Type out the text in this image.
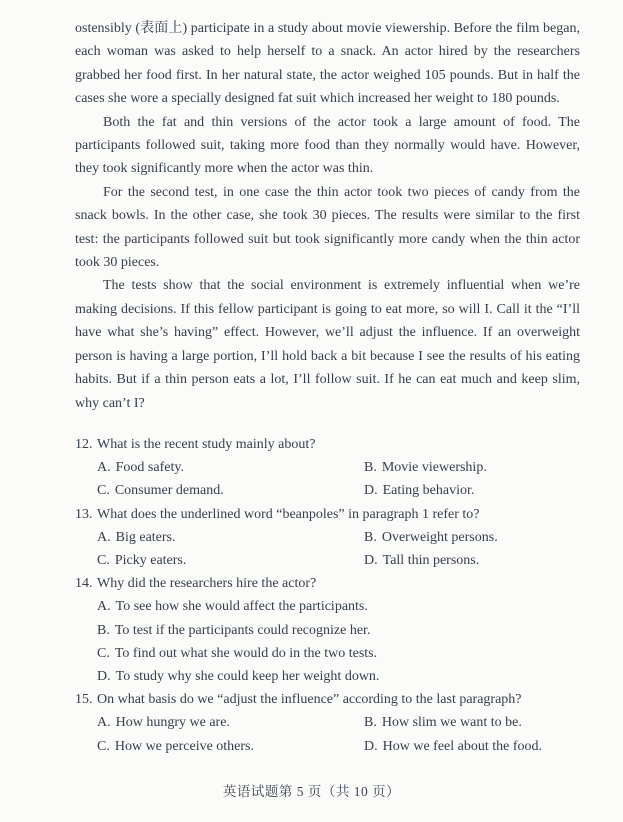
ostensibly (表面上) participate in a study about movie viewership. Before the film began, each woman was asked to help herself to a snack. An actor hired by the researchers grabbed her food first. In her natural state, the actor weighed 105 pounds. But in half the cases she wore a specially designed fat suit which increased her weight to 180 pounds.

Both the fat and thin versions of the actor took a large amount of food. The participants followed suit, taking more food than they normally would have. However, they took significantly more when the actor was thin.

For the second test, in one case the thin actor took two pieces of candy from the snack bowls. In the other case, she took 30 pieces. The results were similar to the first test: the participants followed suit but took significantly more candy when the thin actor took 30 pieces.

The tests show that the social environment is extremely influential when we’re making decisions. If this fellow participant is going to eat more, so will I. Call it the “I’ll have what she’s having” effect. However, we’ll adjust the influence. If an overweight person is having a large portion, I’ll hold back a bit because I see the results of his eating habits. But if a thin person eats a lot, I’ll follow suit. If he can eat much and keep slim, why can’t I?

12. What is the recent study mainly about?
A. Food safety.	B. Movie viewership.
C. Consumer demand.	D. Eating behavior.
13. What does the underlined word “beanpoles” in paragraph 1 refer to?
A. Big eaters.	B. Overweight persons.
C. Picky eaters.	D. Tall thin persons.
14. Why did the researchers hire the actor?
A. To see how she would affect the participants.
B. To test if the participants could recognize her.
C. To find out what she would do in the two tests.
D. To study why she could keep her weight down.
15. On what basis do we “adjust the influence” according to the last paragraph?
A. How hungry we are.	B. How slim we want to be.
C. How we perceive others.	D. How we feel about the food.
英语试题第 5 页（共 10 页）
